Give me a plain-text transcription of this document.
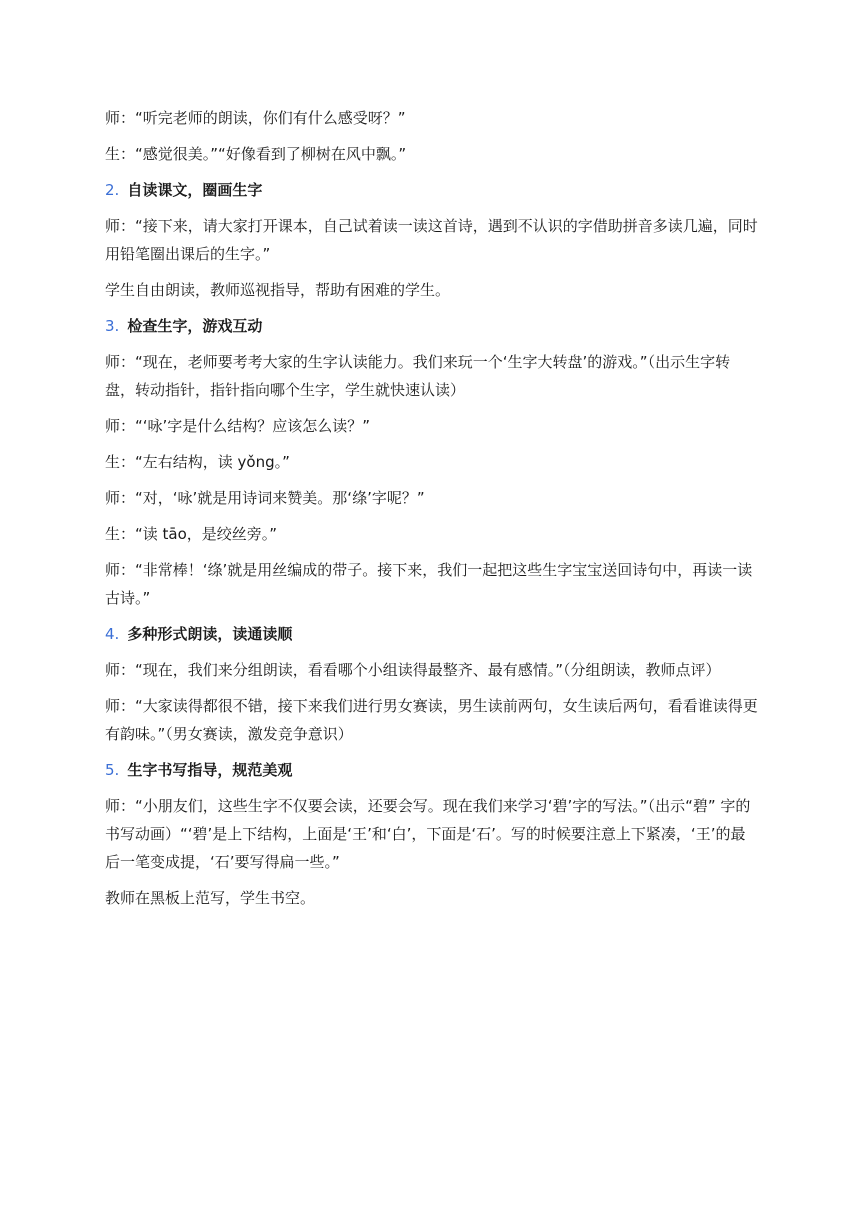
师：“听完老师的朗读，你们有什么感受呀？”

生：“感觉很美。”“好像看到了柳树在风中飘。”

2. 自读课文，圈画生字

师：“接下来，请大家打开课本，自己试着读一读这首诗，遇到不认识的字借助拼音多读几遍，同时用铅笔圈出课后的生字。”

学生自由朗读，教师巡视指导，帮助有困难的学生。

3. 检查生字，游戏互动

师：“现在，老师要考考大家的生字认读能力。我们来玩一个‘生字大转盘’的游戏。”（出示生字转盘，转动指针，指针指向哪个生字，学生就快速认读）

师：“‘咏’字是什么结构？应该怎么读？”

生：“左右结构，读 yǒng。”

师：“对，‘咏’就是用诗词来赞美。那‘绦’字呢？”

生：“读 tāo，是绞丝旁。”

师：“非常棒！‘绦’就是用丝编成的带子。接下来，我们一起把这些生字宝宝送回诗句中，再读一读古诗。”

4. 多种形式朗读，读通读顺

师：“现在，我们来分组朗读，看看哪个小组读得最整齐、最有感情。”（分组朗读，教师点评）

师：“大家读得都很不错，接下来我们进行男女赛读，男生读前两句，女生读后两句，看看谁读得更有韵味。”（男女赛读，激发竞争意识）

5. 生字书写指导，规范美观

师：“小朋友们，这些生字不仅要会读，还要会写。现在我们来学习‘碧’字的写法。”（出示“碧” 字的书写动画）“‘碧’是上下结构，上面是‘王’和‘白’，下面是‘石’。写的时候要注意上下紧凑，‘王’的最后一笔变成提，‘石’要写得扁一些。”

教师在黑板上范写，学生书空。
